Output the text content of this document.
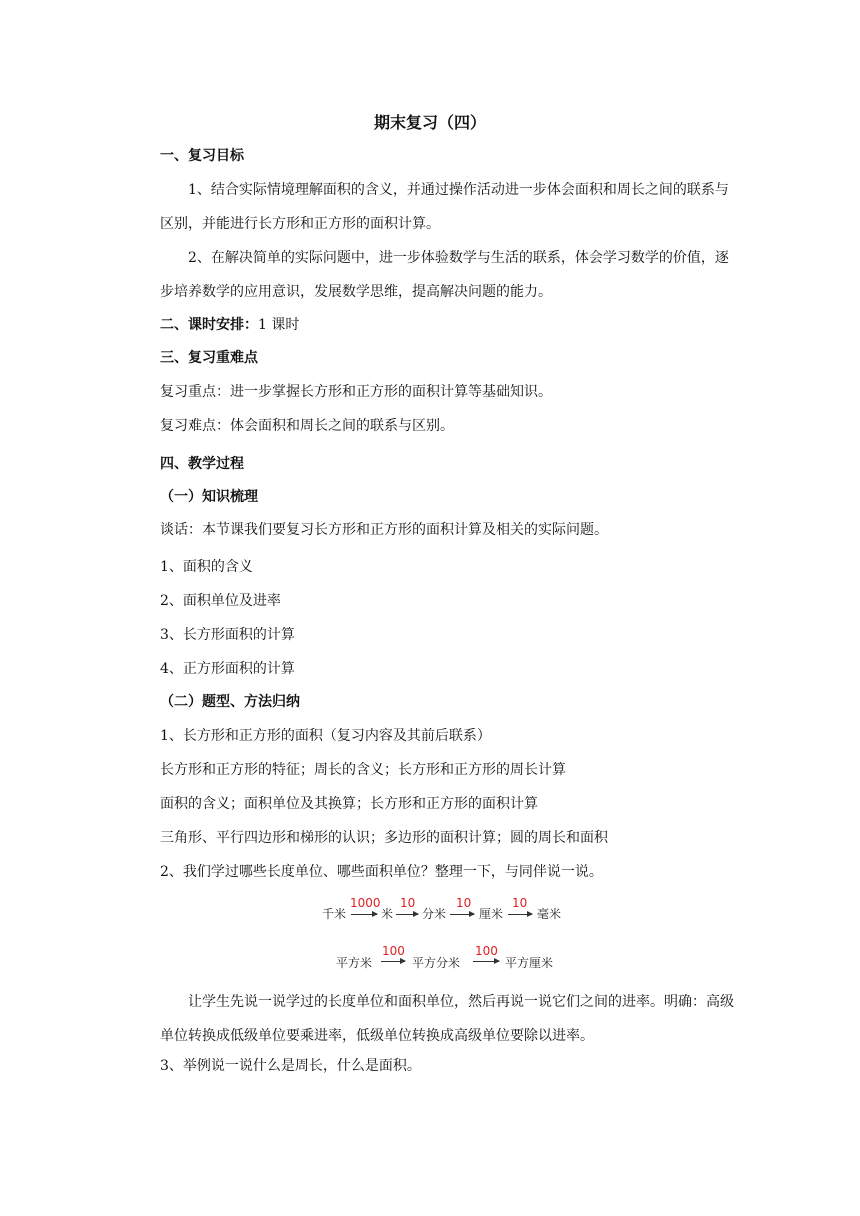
期末复习（四）
一、复习目标
1、结合实际情境理解面积的含义，并通过操作活动进一步体会面积和周长之间的联系与区别，并能进行长方形和正方形的面积计算。
2、在解决简单的实际问题中，进一步体验数学与生活的联系，体会学习数学的价值，逐步培养数学的应用意识，发展数学思维，提高解决问题的能力。
二、课时安排：1 课时
三、复习重难点
复习重点：进一步掌握长方形和正方形的面积计算等基础知识。
复习难点：体会面积和周长之间的联系与区别。
四、教学过程
（一）知识梳理
谈话：本节课我们要复习长方形和正方形的面积计算及相关的实际问题。
1、面积的含义
2、面积单位及进率
3、长方形面积的计算
4、正方形面积的计算
（二）题型、方法归纳
1、长方形和正方形的面积（复习内容及其前后联系）
长方形和正方形的特征；周长的含义；长方形和正方形的周长计算
面积的含义；面积单位及其换算；长方形和正方形的面积计算
三角形、平行四边形和梯形的认识；多边形的面积计算；圆的周长和面积
2、我们学过哪些长度单位、哪些面积单位？整理一下，与同伴说一说。
千米
1000
米
10
分米
10
厘米
10
毫米
平方米
100
平方分米
100
平方厘米
让学生先说一说学过的长度单位和面积单位，然后再说一说它们之间的进率。明确：高级单位转换成低级单位要乘进率，低级单位转换成高级单位要除以进率。
3、举例说一说什么是周长，什么是面积。
